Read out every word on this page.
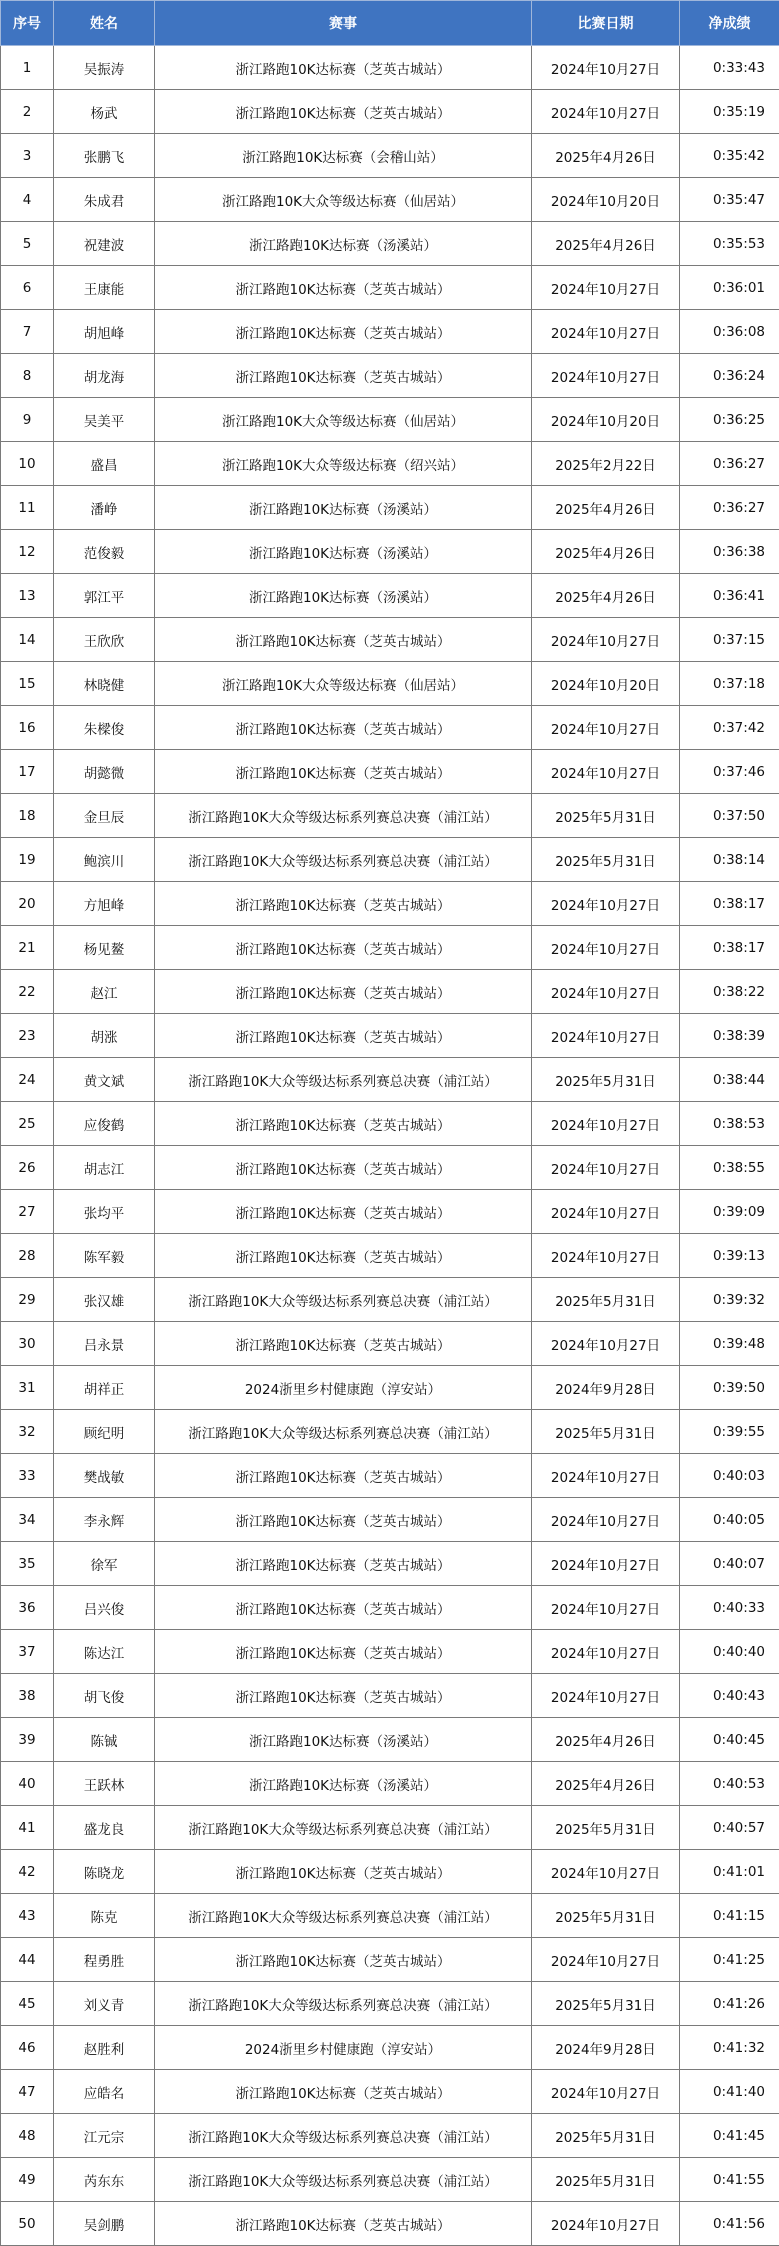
序号	姓名	赛事	比赛日期	净成绩
1	吴振涛	浙江路跑10K达标赛（芝英古城站）	2024年10月27日	0:33:43
2	杨武	浙江路跑10K达标赛（芝英古城站）	2024年10月27日	0:35:19
3	张鹏飞	浙江路跑10K达标赛（会稽山站）	2025年4月26日	0:35:42
4	朱成君	浙江路跑10K大众等级达标赛（仙居站）	2024年10月20日	0:35:47
5	祝建波	浙江路跑10K达标赛（汤溪站）	2025年4月26日	0:35:53
6	王康能	浙江路跑10K达标赛（芝英古城站）	2024年10月27日	0:36:01
7	胡旭峰	浙江路跑10K达标赛（芝英古城站）	2024年10月27日	0:36:08
8	胡龙海	浙江路跑10K达标赛（芝英古城站）	2024年10月27日	0:36:24
9	吴美平	浙江路跑10K大众等级达标赛（仙居站）	2024年10月20日	0:36:25
10	盛昌	浙江路跑10K大众等级达标赛（绍兴站）	2025年2月22日	0:36:27
11	潘峥	浙江路跑10K达标赛（汤溪站）	2025年4月26日	0:36:27
12	范俊毅	浙江路跑10K达标赛（汤溪站）	2025年4月26日	0:36:38
13	郭江平	浙江路跑10K达标赛（汤溪站）	2025年4月26日	0:36:41
14	王欣欣	浙江路跑10K达标赛（芝英古城站）	2024年10月27日	0:37:15
15	林晓健	浙江路跑10K大众等级达标赛（仙居站）	2024年10月20日	0:37:18
16	朱樑俊	浙江路跑10K达标赛（芝英古城站）	2024年10月27日	0:37:42
17	胡懿微	浙江路跑10K达标赛（芝英古城站）	2024年10月27日	0:37:46
18	金旦辰	浙江路跑10K大众等级达标系列赛总决赛（浦江站）	2025年5月31日	0:37:50
19	鲍滨川	浙江路跑10K大众等级达标系列赛总决赛（浦江站）	2025年5月31日	0:38:14
20	方旭峰	浙江路跑10K达标赛（芝英古城站）	2024年10月27日	0:38:17
21	杨见鳌	浙江路跑10K达标赛（芝英古城站）	2024年10月27日	0:38:17
22	赵江	浙江路跑10K达标赛（芝英古城站）	2024年10月27日	0:38:22
23	胡涨	浙江路跑10K达标赛（芝英古城站）	2024年10月27日	0:38:39
24	黄文斌	浙江路跑10K大众等级达标系列赛总决赛（浦江站）	2025年5月31日	0:38:44
25	应俊鹤	浙江路跑10K达标赛（芝英古城站）	2024年10月27日	0:38:53
26	胡志江	浙江路跑10K达标赛（芝英古城站）	2024年10月27日	0:38:55
27	张均平	浙江路跑10K达标赛（芝英古城站）	2024年10月27日	0:39:09
28	陈军毅	浙江路跑10K达标赛（芝英古城站）	2024年10月27日	0:39:13
29	张汉雄	浙江路跑10K大众等级达标系列赛总决赛（浦江站）	2025年5月31日	0:39:32
30	吕永景	浙江路跑10K达标赛（芝英古城站）	2024年10月27日	0:39:48
31	胡祥正	2024浙里乡村健康跑（淳安站）	2024年9月28日	0:39:50
32	顾纪明	浙江路跑10K大众等级达标系列赛总决赛（浦江站）	2025年5月31日	0:39:55
33	樊战敏	浙江路跑10K达标赛（芝英古城站）	2024年10月27日	0:40:03
34	李永辉	浙江路跑10K达标赛（芝英古城站）	2024年10月27日	0:40:05
35	徐军	浙江路跑10K达标赛（芝英古城站）	2024年10月27日	0:40:07
36	吕兴俊	浙江路跑10K达标赛（芝英古城站）	2024年10月27日	0:40:33
37	陈达江	浙江路跑10K达标赛（芝英古城站）	2024年10月27日	0:40:40
38	胡飞俊	浙江路跑10K达标赛（芝英古城站）	2024年10月27日	0:40:43
39	陈铖	浙江路跑10K达标赛（汤溪站）	2025年4月26日	0:40:45
40	王跃林	浙江路跑10K达标赛（汤溪站）	2025年4月26日	0:40:53
41	盛龙良	浙江路跑10K大众等级达标系列赛总决赛（浦江站）	2025年5月31日	0:40:57
42	陈晓龙	浙江路跑10K达标赛（芝英古城站）	2024年10月27日	0:41:01
43	陈克	浙江路跑10K大众等级达标系列赛总决赛（浦江站）	2025年5月31日	0:41:15
44	程勇胜	浙江路跑10K达标赛（芝英古城站）	2024年10月27日	0:41:25
45	刘义青	浙江路跑10K大众等级达标系列赛总决赛（浦江站）	2025年5月31日	0:41:26
46	赵胜利	2024浙里乡村健康跑（淳安站）	2024年9月28日	0:41:32
47	应皓名	浙江路跑10K达标赛（芝英古城站）	2024年10月27日	0:41:40
48	江元宗	浙江路跑10K大众等级达标系列赛总决赛（浦江站）	2025年5月31日	0:41:45
49	芮东东	浙江路跑10K大众等级达标系列赛总决赛（浦江站）	2025年5月31日	0:41:55
50	吴剑鹏	浙江路跑10K达标赛（芝英古城站）	2024年10月27日	0:41:56
